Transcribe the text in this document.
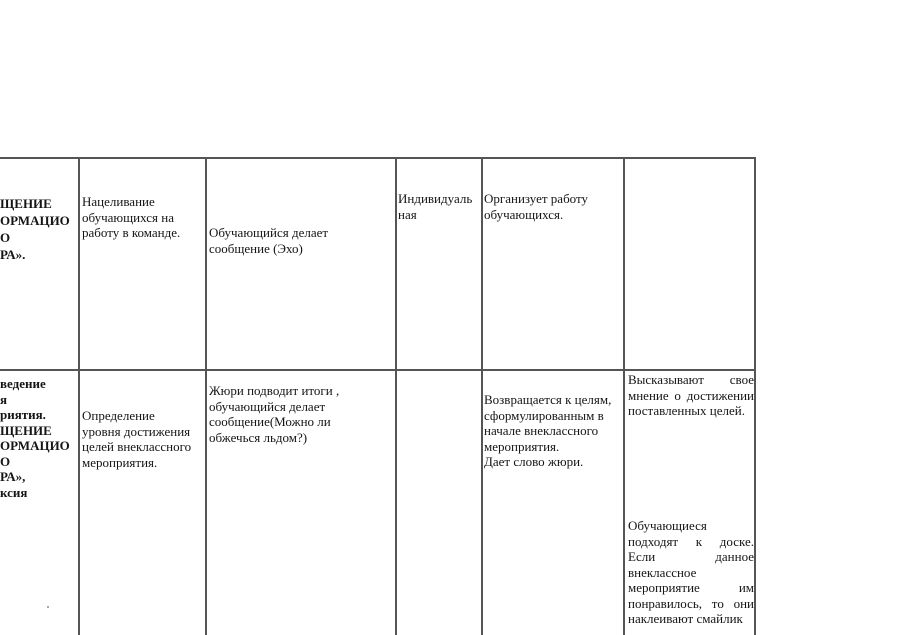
ЩЕНИЕ
ОРМАЦИО
О
РА».
Нацеливание
обучающихся на
работу в команде.	Обучающийся делает
сообщение (Эхо)
Индивидуаль
ная
Организует работу
обучающихся.
ведение
я
риятия.
ЩЕНИЕ
ОРМАЦИО
О
РА»,
ксия
Определение
уровня достижения
целей внеклассного
мероприятия.
Жюри подводит итоги ,
обучающийся делает
сообщение(Можно ли
обжечься льдом?)
Возвращается к целям,
сформулированным в
начале внеклассного
мероприятия.
Дает слово жюри.
Высказывают свое мнение о достижении поставленных целей.
Обучающиеся подходят к доске. Если данное внеклассное мероприятие им понравилось, то они наклеивают смайлик
